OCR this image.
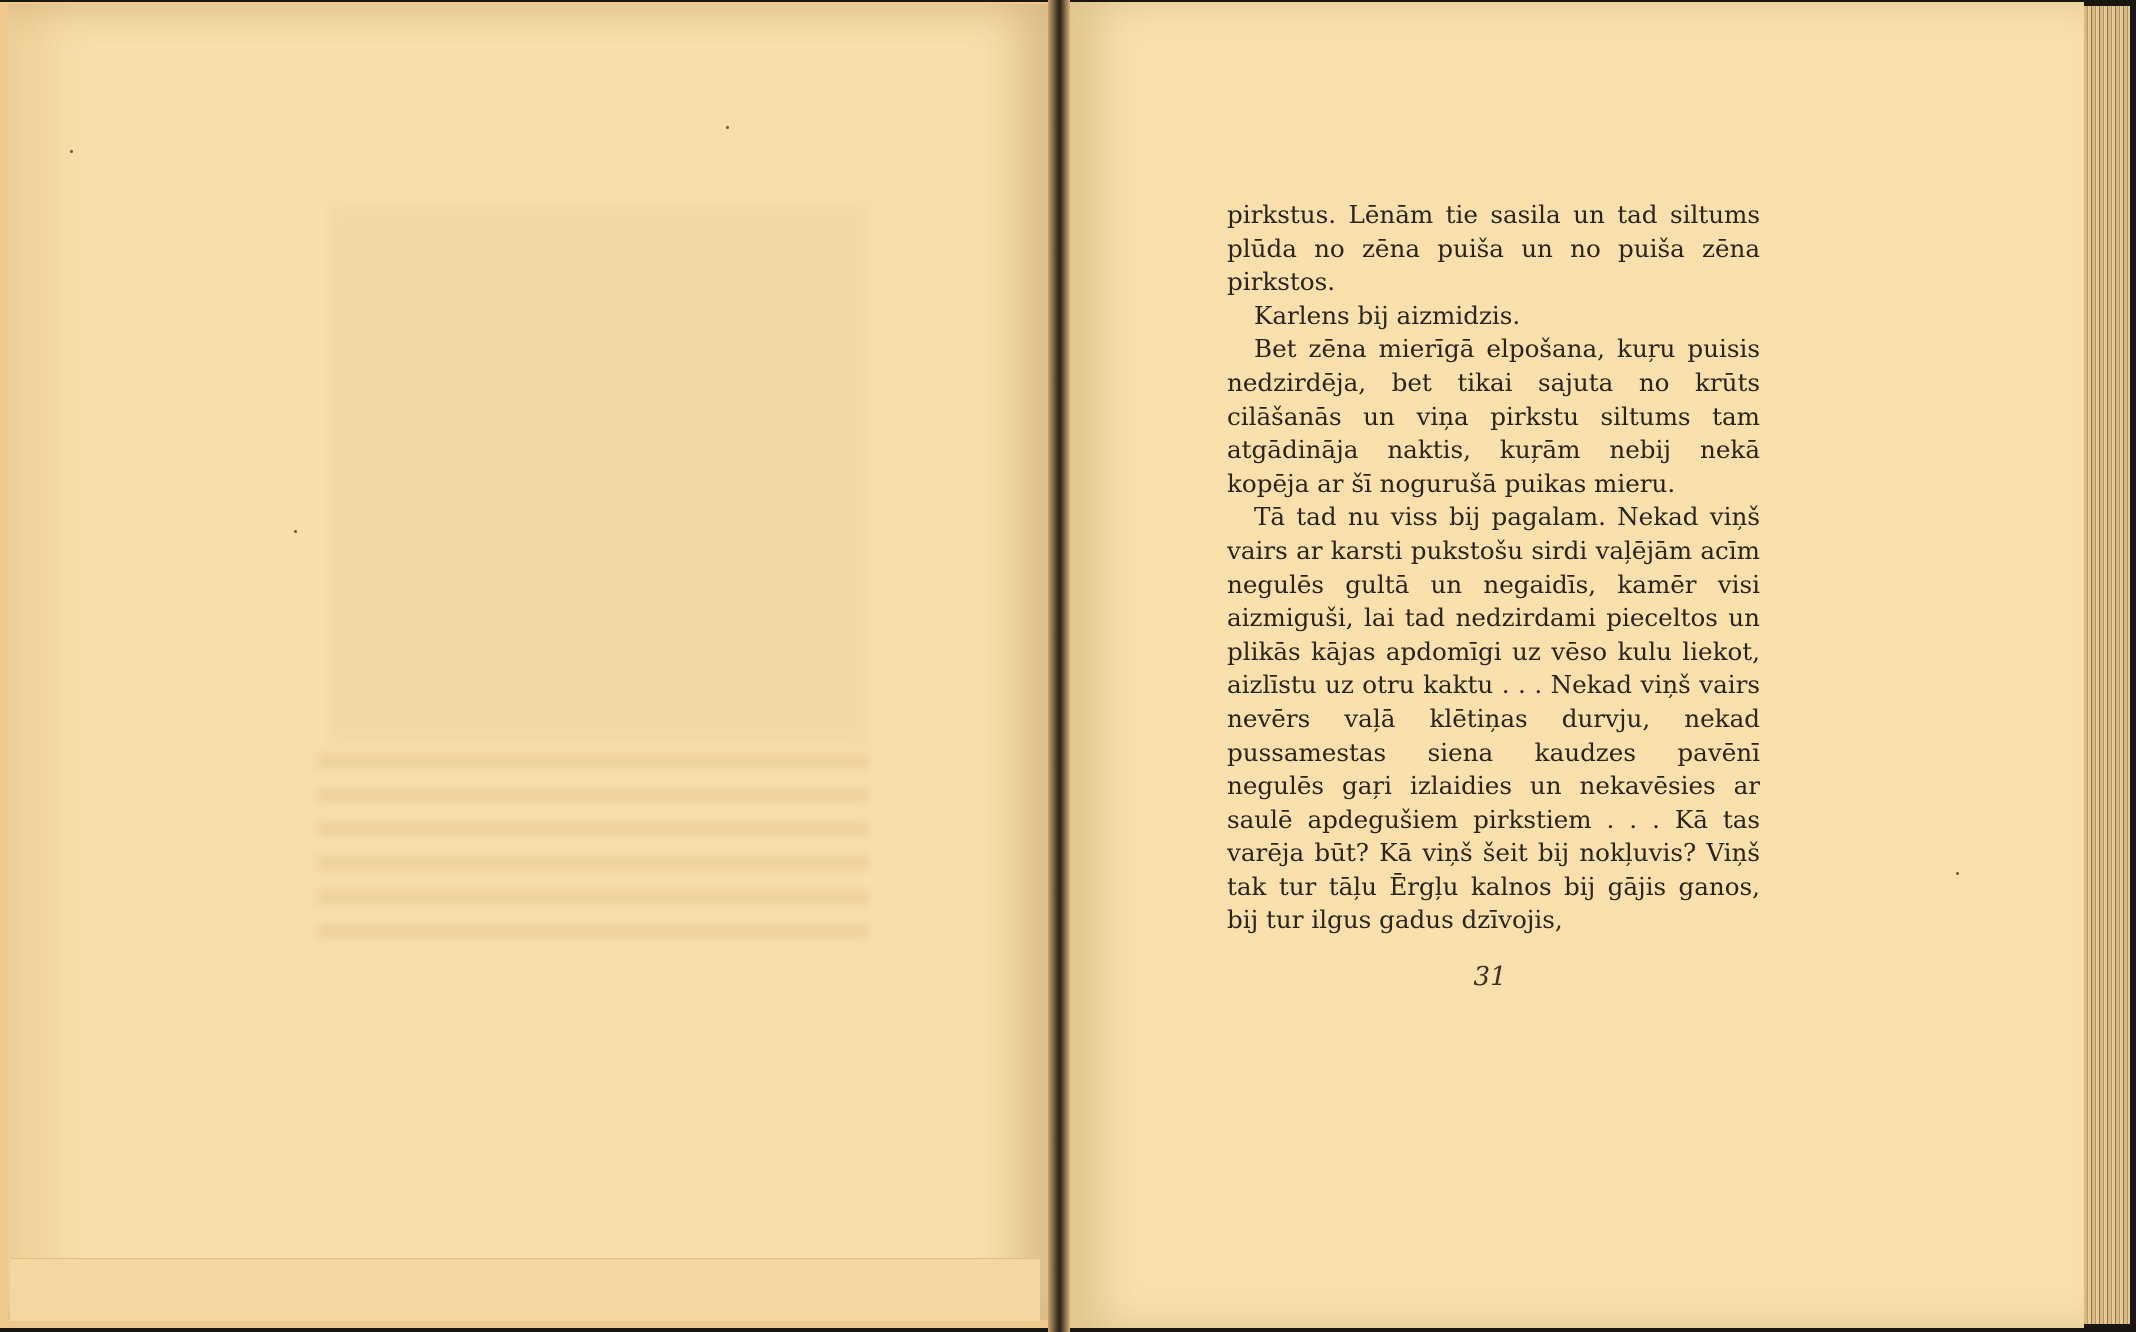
pirkstus. Lēnām tie sasila un tad siltums plūda no zēna puiša un no puiša zēna pirkstos.

Karlens bij aizmidzis.

Bet zēna mierīgā elpošana, kuŗu puisis nedzirdēja, bet tikai sajuta no krūts cilāšanās un viņa pirkstu siltums tam atgādināja naktis, kuŗām nebij nekā kopēja ar šī nogurušā puikas mieru.

Tā tad nu viss bij pagalam. Nekad viņš vairs ar karsti pukstošu sirdi vaļējām acīm negulēs gultā un negaidīs, kamēr visi aizmiguši, lai tad nedzirdami pieceltos un plikās kājas apdomīgi uz vēso kulu liekot, aizlīstu uz otru kaktu . . . Nekad viņš vairs nevērs vaļā klētiņas durvju, nekad pussamestas siena kaudzes pavēnī negulēs gaŗi izlaidies un nekavēsies ar saulē apdegušiem pirkstiem . . . Kā tas varēja būt? Kā viņš šeit bij nokļuvis? Viņš tak tur tāļu Ērgļu kalnos bij gājis ganos, bij tur ilgus gadus dzīvojis,

31
